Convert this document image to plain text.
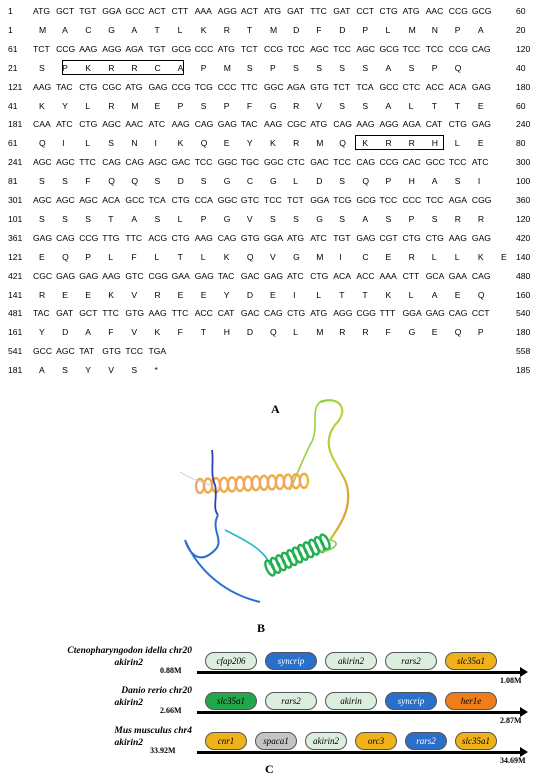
1 ATG GCT TGT GGA GCC ACT CTT AAA AGG ACT ATG GAT TTC GAT CCT CTG ATG AAC CCG GCG	60
1	M A C G A T L K R T M D F D P L M N P A	20
61 TCT CCG AAG AGG AGA TGT GCG CCC ATG TCT CCG TCC AGC TCC AGC GCG TCC TCC CCG CAG	120
21 S P K R R C A P M S P S S S S A S P Q	40
121 AAG TAC CTG CGC ATG GAG CCG TCG CCC TTC GGC AGA GTG TCT TCA GCC CTC ACC ACA GAG	180
41 K Y L R M E P S P F G R V S S A L T T E	60
181 CAA ATC CTG AGC AAC ATC AAG CAG GAG TAC AAG CGC ATG CAG AAG AGG AGA CAT CTG GAG	240
61 Q I L S N I K Q E Y K R M Q K R R H L E	80
241 AGC AGC TTC CAG CAG AGC GAC TCC GGC TGC GGC CTC GAC TCC CAG CCG CAC GCC TCC ATC	300
81 S S F Q Q S D S G C G L D S Q P H A S I	100
301 AGC AGC AGC ACA GCC TCA CTG CCA GGC GTC TCC TCT GGA TCG GCG TCC CCC TCC AGA CGG	360
101 S S S T A S L P G V S S G S A S P S R R	120
361 GAG CAG CCG TTG TTC ACG CTG AAG CAG GTG GGA ATG ATC TGT GAG CGT CTG CTG AAG GAG	420
121 E Q P L F L T L K Q V G M I C E R L L K E 140
421 CGC GAG GAG AAG GTC CGG GAA GAG TAC GAC GAG ATC CTG ACA ACC AAA CTT GCA GAA CAG	480
141 R E E K V R E E Y D E I L T T K L A E Q	160
481 TAC GAT GCT TTC GTG AAG TTC ACC CAT GAC CAG CTG ATG AGG CGG TTT GGA GAG CAG CCT	540
161 Y D A F V K F T H D Q L M R R F G E Q P	180
541 GCC AGC TAT GTG TCC TGA	558
181 A S Y V S *	185
A
B
Ctenopharyngodon idella chr20
akirin2
0.88M
1.08M
cfap206	syncrip	akirin2	rars2	slc35a1
Danio rerio chr20
akirin2
2.66M
2.87M
slc35a1	rars2	akirin	syncrip	her1e
Mus musculus chr4
akirin2
33.92M
34.69M
cnr1	spaca1	akirin2	orc3	rars2	slc35a1
C
